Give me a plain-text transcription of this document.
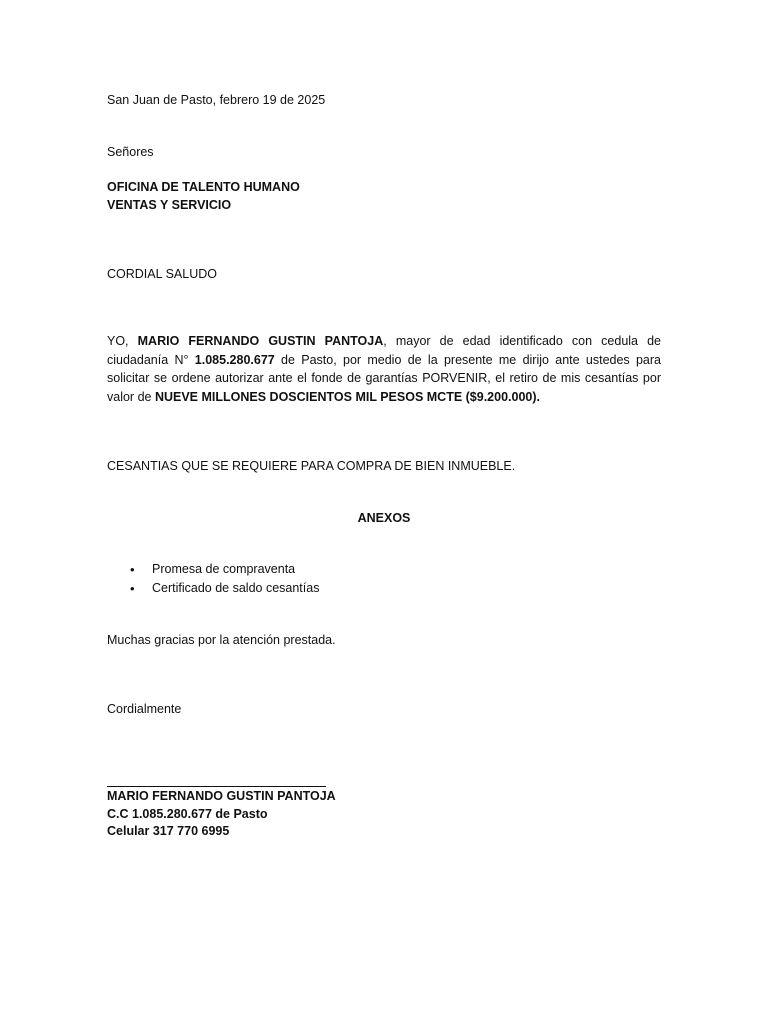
San Juan de Pasto, febrero 19 de 2025
Señores
OFICINA DE TALENTO HUMANO
VENTAS Y SERVICIO
CORDIAL SALUDO
YO, MARIO FERNANDO GUSTIN PANTOJA, mayor de edad identificado con cedula de ciudadanía N° 1.085.280.677 de Pasto, por medio de la presente me dirijo ante ustedes para solicitar se ordene autorizar ante el fonde de garantías PORVENIR, el retiro de mis cesantías por valor de NUEVE MILLONES DOSCIENTOS MIL PESOS MCTE ($9.200.000).
CESANTIAS QUE SE REQUIERE PARA COMPRA DE BIEN INMUEBLE.
ANEXOS
• Promesa de compraventa
• Certificado de saldo cesantías
Muchas gracias por la atención prestada.
Cordialmente
MARIO FERNANDO GUSTIN PANTOJA
C.C 1.085.280.677 de Pasto
Celular 317 770 6995
